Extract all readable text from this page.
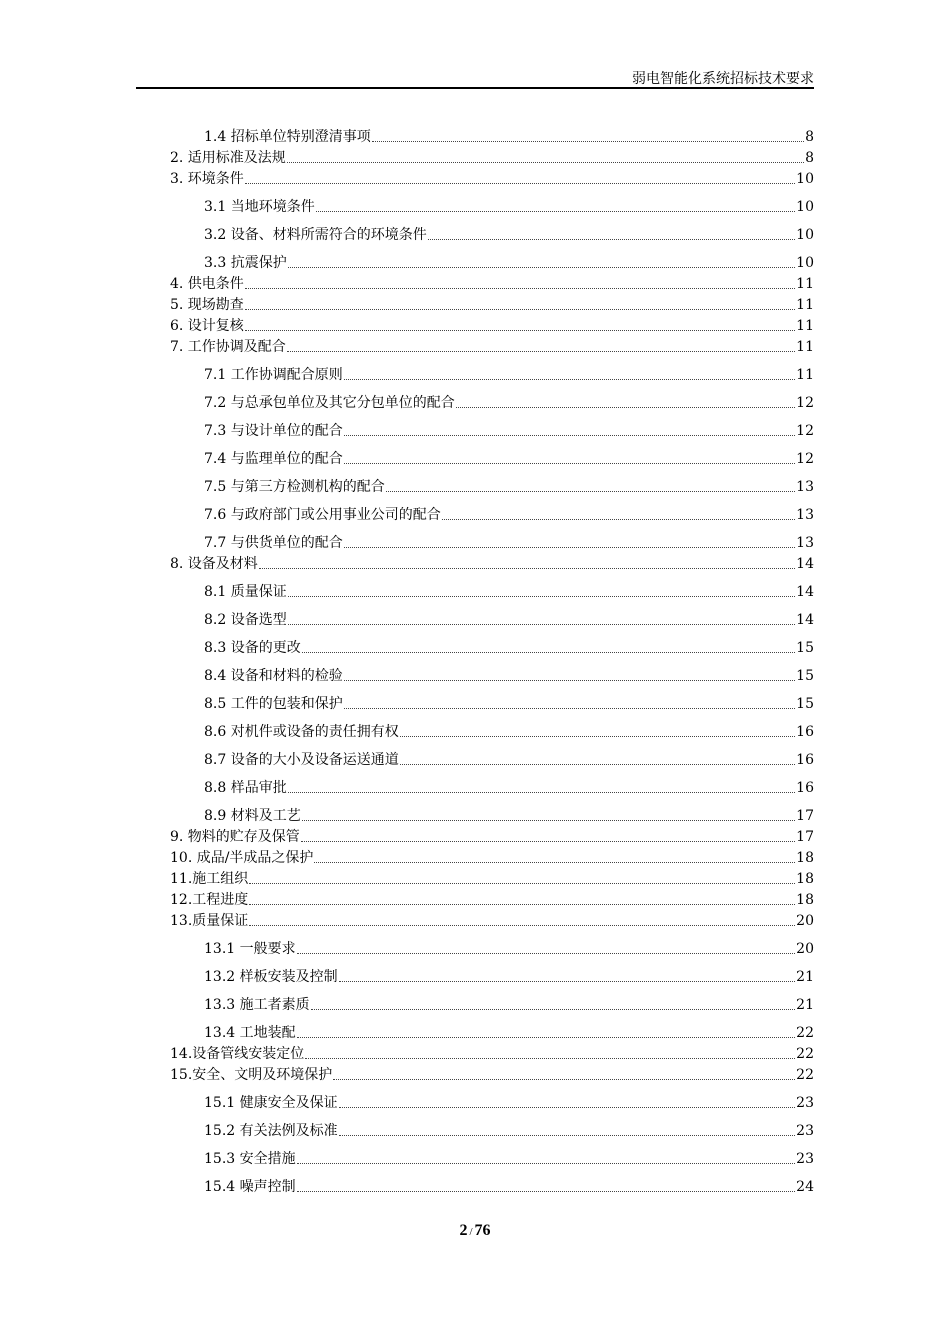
弱电智能化系统招标技术要求
1.4 招标单位特别澄清事项	8
2. 适用标准及法规	8
3. 环境条件	10
3.1 当地环境条件	10
3.2 设备、材料所需符合的环境条件	10
3.3 抗震保护	10
4. 供电条件	11
5. 现场勘查	11
6. 设计复核	11
7. 工作协调及配合	11
7.1 工作协调配合原则	11
7.2 与总承包单位及其它分包单位的配合	12
7.3 与设计单位的配合	12
7.4 与监理单位的配合	12
7.5 与第三方检测机构的配合	13
7.6 与政府部门或公用事业公司的配合	13
7.7 与供货单位的配合	13
8. 设备及材料	14
8.1 质量保证	14
8.2 设备选型	14
8.3 设备的更改	15
8.4 设备和材料的检验	15
8.5 工件的包装和保护	15
8.6 对机件或设备的责任拥有权	16
8.7 设备的大小及设备运送通道	16
8.8 样品审批	16
8.9 材料及工艺	17
9. 物料的贮存及保管	17
10. 成品/半成品之保护	18
11.施工组织	18
12.工程进度	18
13.质量保证	20
13.1 一般要求	20
13.2 样板安装及控制	21
13.3 施工者素质	21
13.4 工地装配	22
14.设备管线安装定位	22
15.安全、文明及环境保护	22
15.1 健康安全及保证	23
15.2 有关法例及标准	23
15.3 安全措施	23
15.4 噪声控制	24
2 / 76
